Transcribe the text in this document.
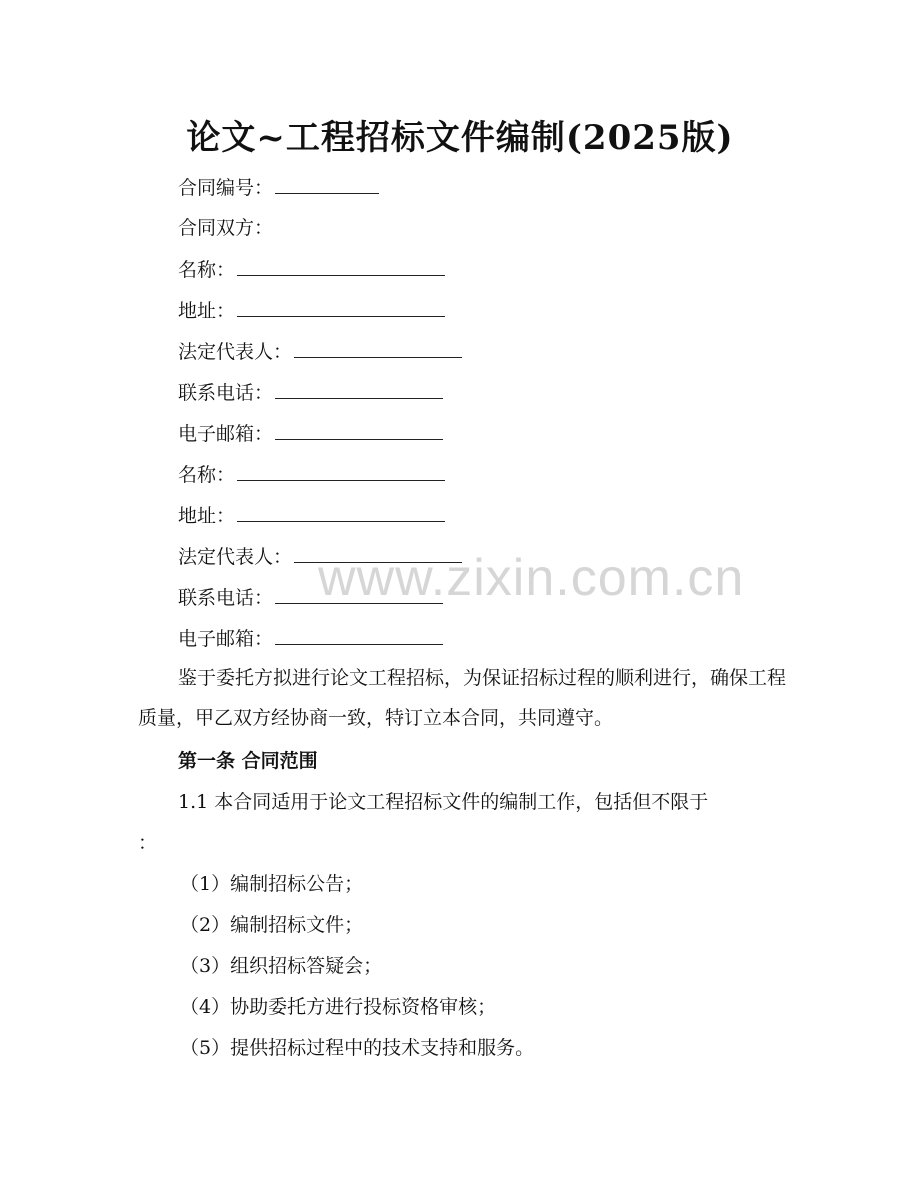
论文~工程招标文件编制(2025版)
合同编号：
合同双方：
名称：
地址：
法定代表人：
联系电话：
电子邮箱：
名称：
地址：
法定代表人：
联系电话：
电子邮箱：
鉴于委托方拟进行论文工程招标，为保证招标过程的顺利进行，确保工程质量，甲乙双方经协商一致，特订立本合同，共同遵守。
第一条 合同范围
1.1 本合同适用于论文工程招标文件的编制工作，包括但不限于
：
（1）编制招标公告；
（2）编制招标文件；
（3）组织招标答疑会；
（4）协助委托方进行投标资格审核；
（5）提供招标过程中的技术支持和服务。
www.zixin.com.cn
